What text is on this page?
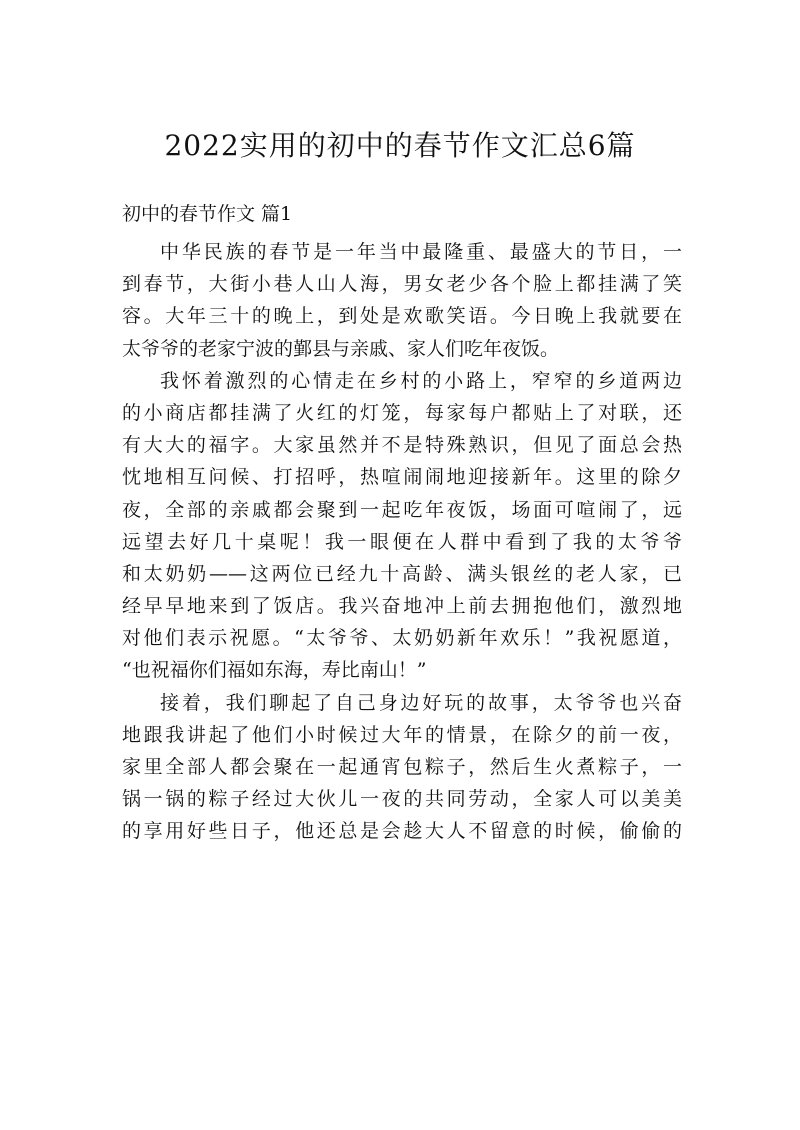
2022实用的初中的春节作文汇总6篇
初中的春节作文 篇1

中华民族的春节是一年当中最隆重、最盛大的节日，一
到春节，大街小巷人山人海，男女老少各个脸上都挂满了笑
容。大年三十的晚上，到处是欢歌笑语。今日晚上我就要在
太爷爷的老家宁波的鄞县与亲戚、家人们吃年夜饭。

我怀着激烈的心情走在乡村的小路上，窄窄的乡道两边
的小商店都挂满了火红的灯笼，每家每户都贴上了对联，还
有大大的福字。大家虽然并不是特殊熟识，但见了面总会热
忱地相互问候、打招呼，热喧闹闹地迎接新年。这里的除夕
夜，全部的亲戚都会聚到一起吃年夜饭，场面可喧闹了，远
远望去好几十桌呢！我一眼便在人群中看到了我的太爷爷
和太奶奶——这两位已经九十高龄、满头银丝的老人家，已
经早早地来到了饭店。我兴奋地冲上前去拥抱他们，激烈地
对他们表示祝愿。“太爷爷、太奶奶新年欢乐！”我祝愿道，
“也祝福你们福如东海，寿比南山！”

接着，我们聊起了自己身边好玩的故事，太爷爷也兴奋
地跟我讲起了他们小时候过大年的情景，在除夕的前一夜，
家里全部人都会聚在一起通宵包粽子，然后生火煮粽子，一
锅一锅的粽子经过大伙儿一夜的共同劳动，全家人可以美美
的享用好些日子，他还总是会趁大人不留意的时候，偷偷的
